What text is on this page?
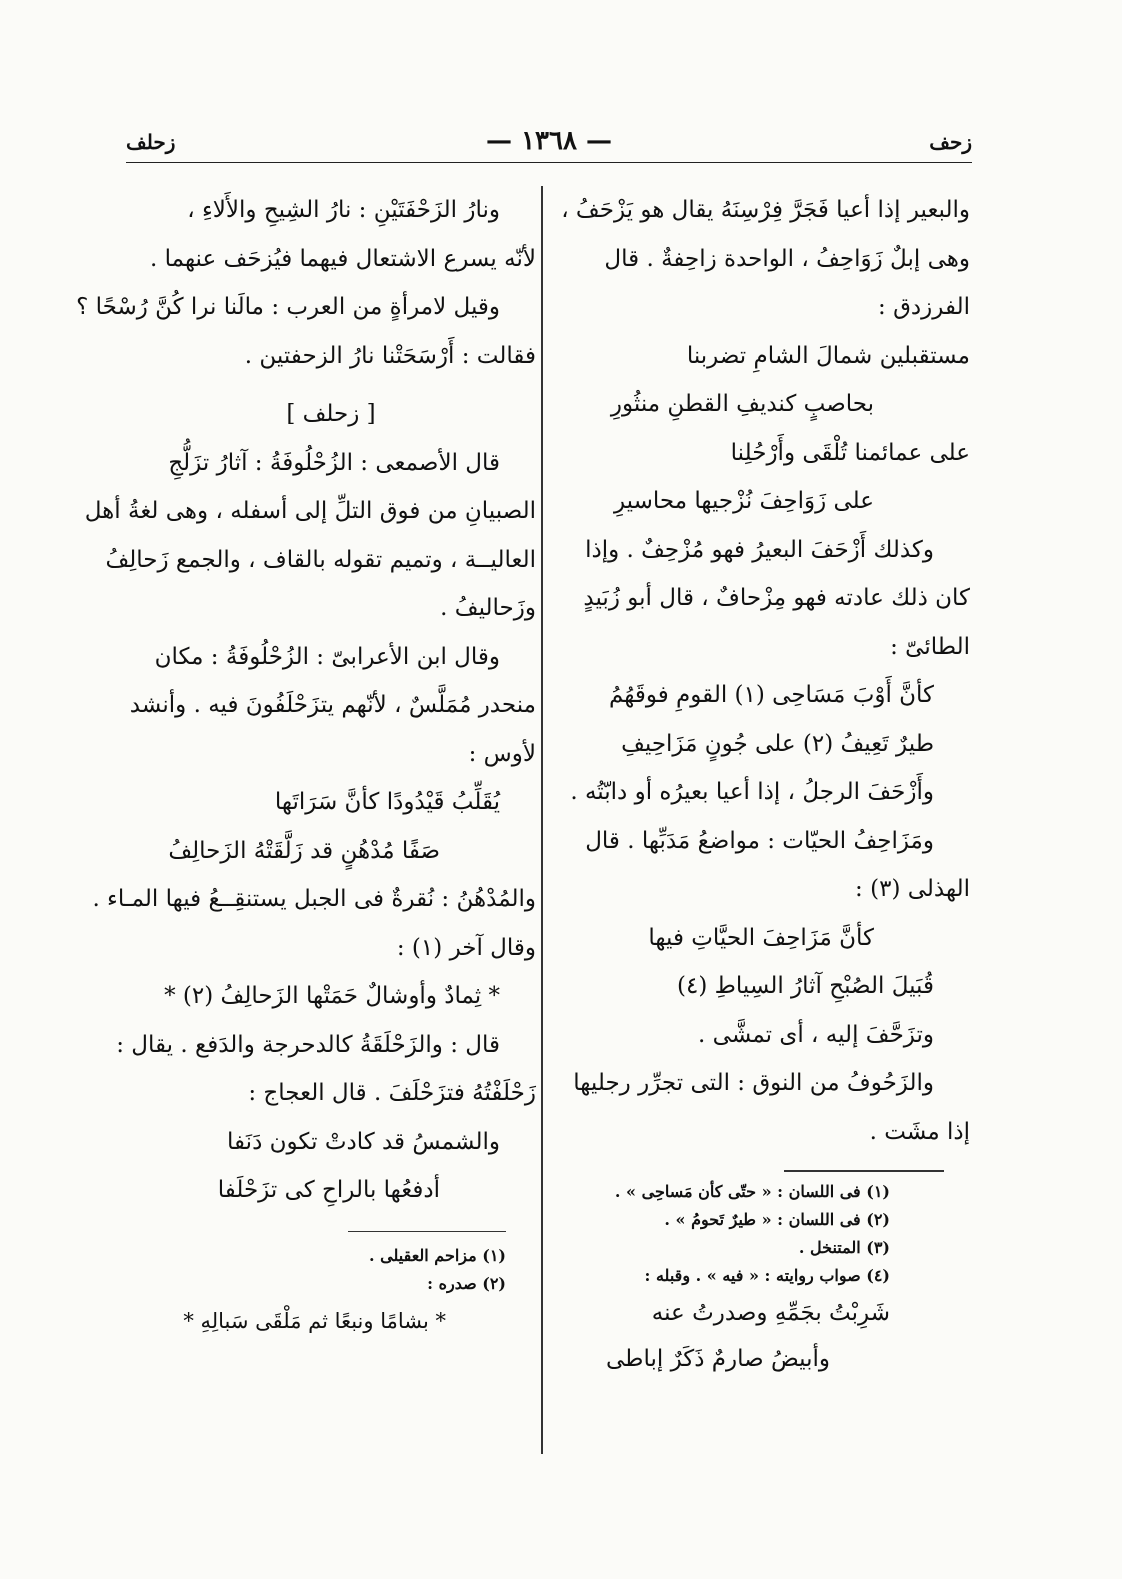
زحف
— ١٣٦٨ —
زحلف
والبعير إذا أعيا فَجَرَّ فِرْسِنَهُ يقال هو يَزْحَفُ ،
وهى إبلٌ زَوَاحِفُ ، الواحدة زاحِفةٌ . قال
الفرزدق :
مستقبلين شمالَ الشامِ تضربنا
بحاصبٍ كنديفِ القطنِ منثُورِ
على عمائمنا تُلْقَى وأَرْحُلِنا
على زَوَاحِفَ نُزْجيها محاسيرِ
وكذلك أَزْحَفَ البعيرُ فهو مُزْحِفٌ . وإذا
كان ذلك عادته فهو مِزْحافٌ ، قال أبو زُبَيدٍ
الطائىّ :
كأنَّ أَوْبَ مَسَاحِى (١) القومِ فوقَهُمُ
طيرٌ تَعِيفُ (٢) على جُونٍ مَزَاحِيفِ
وأَزْحَفَ الرجلُ ، إذا أعيا بعيرُه أو دابّتُه .
ومَزَاحِفُ الحيّات : مواضعُ مَدَبِّها . قال
الهذلى (٣) :
كأنَّ مَزَاحِفَ الحيَّاتِ فيها
قُبَيلَ الصُبْحِ آثارُ السِياطِ (٤)
وتزَحَّفَ إليه ، أى تمشَّى .
والزَحُوفُ من النوق : التى تجرِّر رجليها
إذا مشَت .
(١) فى اللسان : « حتّى كأن مَساحِى » .
(٢) فى اللسان : « طيرٌ تَحومُ » .
(٣) المتنخل .
(٤) صواب روايته : « فيه » . وقبله :
شَرِبْتُ بجَمِّهِ وصدرتُ عنه
وأبيضُ صارمٌ ذَكَرٌ إباطى
ونارُ الزَحْفَتَيْنِ : نارُ الشِيحِ والأَلاءِ ،
لأنّه يسرع الاشتعال فيهما فيُزحَف عنهما .
وقيل لامرأةٍ من العرب : مالَنا نرا كُنَّ رُسْحًا ؟
فقالت : أَرْسَحَتْنا نارُ الزحفتين .
[ زحلف ]
قال الأصمعى : الزُحْلُوفَةُ : آثارُ تزَلُّجِ
الصبيانِ من فوق التلِّ إلى أسفله ، وهى لغةُ أهل
العاليــة ، وتميم تقوله بالقاف ، والجمع زَحالِفُ
وزَحاليفُ .
وقال ابن الأعرابىّ : الزُحْلُوفَةُ : مكان
منحدر مُمَلَّسٌ ، لأنّهم يتزَحْلَفُونَ فيه . وأنشد
لأوس :
يُقَلِّبُ قَيْدُودًا كأنَّ سَرَاتَها
صَفًا مُدْهُنٍ قد زَلَّقَتْهُ الزَحالِفُ
والمُدْهُنُ : نُقرةٌ فى الجبل يستنقِــعُ فيها المـاء .
وقال آخر (١) :
* ثِمادٌ وأوشالٌ حَمَتْها الزَحالِفُ (٢) *
قال : والزَحْلَقَةُ كالدحرجة والدَفع . يقال :
زَحْلَفْتُهُ فتزَحْلَفَ . قال العجاج :
والشمسُ قد كادتْ تكون دَنَفا
أدفعُها بالراحِ كى تزَحْلَفا
(١) مزاحم العقيلى .
(٢) صدره :
* بشامًا ونبعًا ثم مَلْقَى سَبالِهِ *
